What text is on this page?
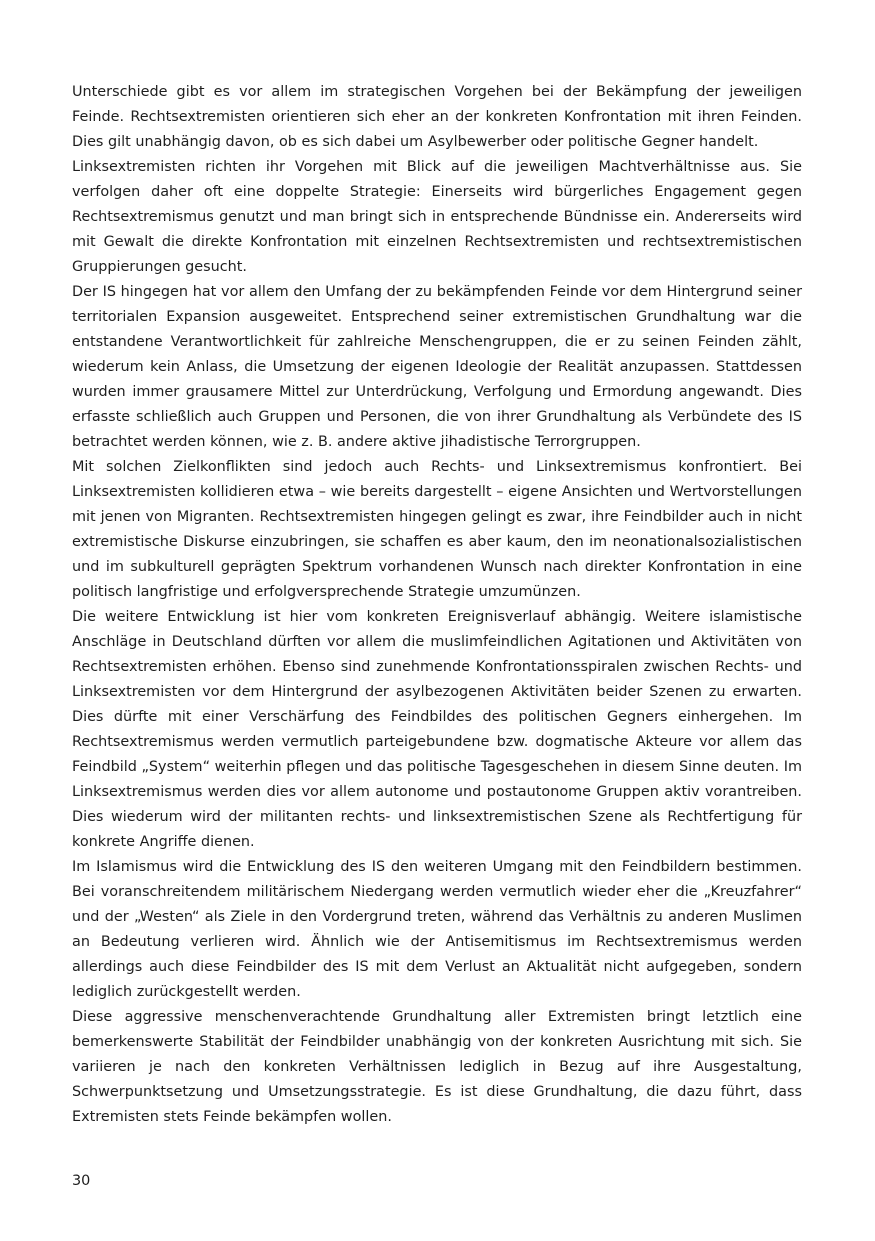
Unterschiede gibt es vor allem im strategischen Vorgehen bei der Bekämpfung der jeweiligen Feinde. Rechtsextremisten orientieren sich eher an der konkreten Konfrontation mit ihren Feinden. Dies gilt unabhängig davon, ob es sich dabei um Asylbewerber oder politische Gegner handelt.

Linksextremisten richten ihr Vorgehen mit Blick auf die jeweiligen Machtverhältnisse aus. Sie verfolgen daher oft eine doppelte Strategie: Einerseits wird bürgerliches Engagement gegen Rechtsextremismus genutzt und man bringt sich in entsprechende Bündnisse ein. Andererseits wird mit Gewalt die direkte Konfrontation mit einzelnen Rechtsextremisten und rechtsextremistischen Gruppierungen gesucht.

Der IS hingegen hat vor allem den Umfang der zu bekämpfenden Feinde vor dem Hintergrund seiner territorialen Expansion ausgeweitet. Entsprechend seiner extremistischen Grundhaltung war die entstandene Verantwortlichkeit für zahlreiche Menschengruppen, die er zu seinen Feinden zählt, wiederum kein Anlass, die Umsetzung der eigenen Ideologie der Realität anzupassen. Stattdessen wurden immer grausamere Mittel zur Unterdrückung, Verfolgung und Ermordung angewandt. Dies erfasste schließlich auch Gruppen und Personen, die von ihrer Grundhaltung als Verbündete des IS betrachtet werden können, wie z. B. andere aktive jihadistische Terrorgruppen.

Mit solchen Zielkonflikten sind jedoch auch Rechts- und Linksextremismus konfrontiert. Bei Linksextremisten kollidieren etwa – wie bereits dargestellt – eigene Ansichten und Wertvorstellungen mit jenen von Migranten. Rechtsextremisten hingegen gelingt es zwar, ihre Feindbilder auch in nicht extremistische Diskurse einzubringen, sie schaffen es aber kaum, den im neonationalsozialistischen und im subkulturell geprägten Spektrum vorhandenen Wunsch nach direkter Konfrontation in eine politisch langfristige und erfolgversprechende Strategie umzumünzen.

Die weitere Entwicklung ist hier vom konkreten Ereignisverlauf abhängig. Weitere islamistische Anschläge in Deutschland dürften vor allem die muslimfeindlichen Agitationen und Aktivitäten von Rechtsextremisten erhöhen. Ebenso sind zunehmende Konfrontationsspiralen zwischen Rechts- und Linksextremisten vor dem Hintergrund der asylbezogenen Aktivitäten beider Szenen zu erwarten. Dies dürfte mit einer Verschärfung des Feindbildes des politischen Gegners einhergehen. Im Rechtsextremismus werden vermutlich parteigebundene bzw. dogmatische Akteure vor allem das Feindbild „System“ weiterhin pflegen und das politische Tagesgeschehen in diesem Sinne deuten. Im Linksextremismus werden dies vor allem autonome und postautonome Gruppen aktiv vorantreiben. Dies wiederum wird der militanten rechts- und linksextremistischen Szene als Rechtfertigung für konkrete Angriffe dienen.

Im Islamismus wird die Entwicklung des IS den weiteren Umgang mit den Feindbildern bestimmen. Bei voranschreitendem militärischem Niedergang werden vermutlich wieder eher die „Kreuzfahrer“ und der „Westen“ als Ziele in den Vordergrund treten, während das Verhältnis zu anderen Muslimen an Bedeutung verlieren wird. Ähnlich wie der Antisemitismus im Rechtsextremismus werden allerdings auch diese Feindbilder des IS mit dem Verlust an Aktualität nicht aufgegeben, sondern lediglich zurückgestellt werden.

Diese aggressive menschenverachtende Grundhaltung aller Extremisten bringt letztlich eine bemerkenswerte Stabilität der Feindbilder unabhängig von der konkreten Ausrichtung mit sich. Sie variieren je nach den konkreten Verhältnissen lediglich in Bezug auf ihre Ausgestaltung, Schwerpunktsetzung und Umsetzungsstrategie. Es ist diese Grundhaltung, die dazu führt, dass Extremisten stets Feinde bekämpfen wollen.

30
